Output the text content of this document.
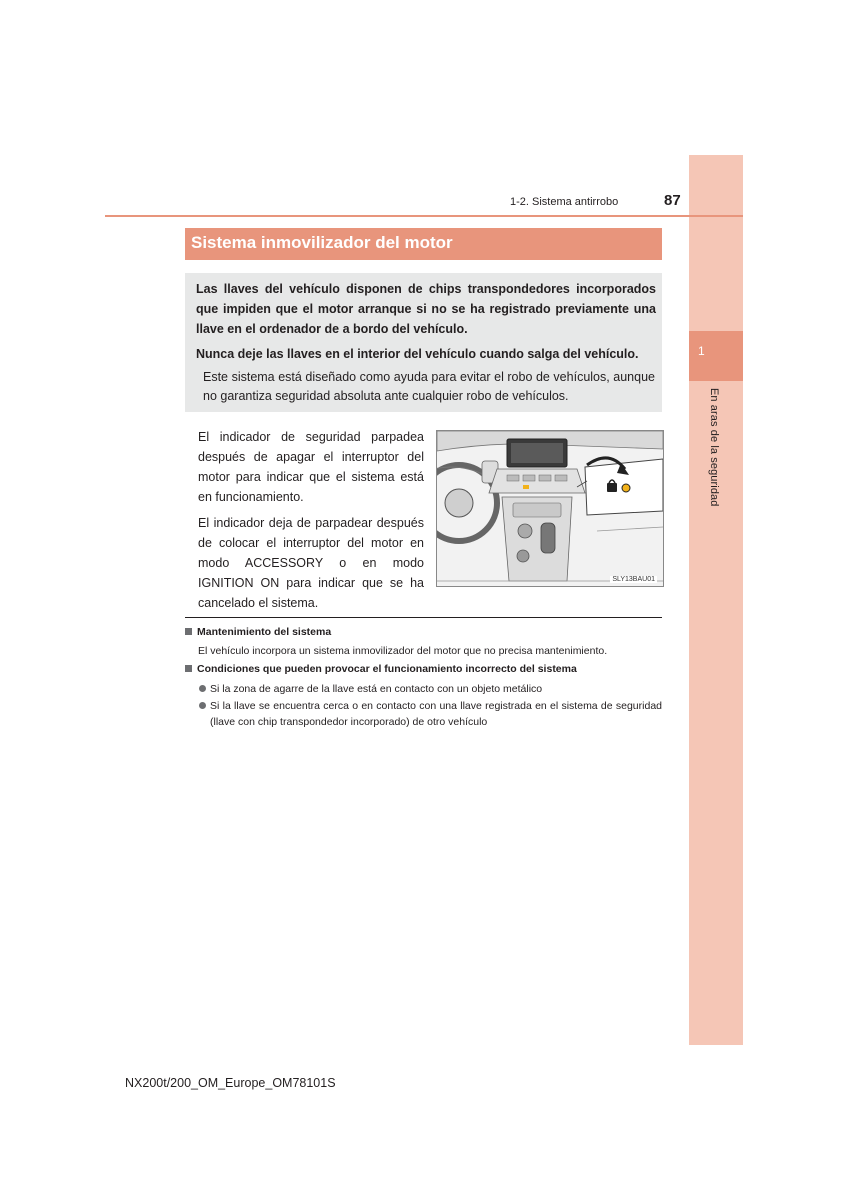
1
En aras de la seguridad
1-2. Sistema antirrobo	87
Sistema inmovilizador del motor
Las llaves del vehículo disponen de chips transpondedores incorporados que impiden que el motor arranque si no se ha registrado previamente una llave en el ordenador de a bordo del vehículo.
Nunca deje las llaves en el interior del vehículo cuando salga del vehículo.
Este sistema está diseñado como ayuda para evitar el robo de vehículos, aunque no garantiza seguridad absoluta ante cualquier robo de vehículos.

El indicador de seguridad parpadea después de apagar el interruptor del motor para indicar que el sistema está en funcionamiento.

El indicador deja de parpadear después de colocar el interruptor del motor en modo ACCESSORY o en modo IGNITION ON para indicar que se ha cancelado el sistema.

SLY13BAU01
Mantenimiento del sistema
El vehículo incorpora un sistema inmovilizador del motor que no precisa mantenimiento.
Condiciones que pueden provocar el funcionamiento incorrecto del sistema
Si la zona de agarre de la llave está en contacto con un objeto metálico
Si la llave se encuentra cerca o en contacto con una llave registrada en el sistema de seguridad (llave con chip transpondedor incorporado) de otro vehículo
NX200t/200_OM_Europe_OM78101S
